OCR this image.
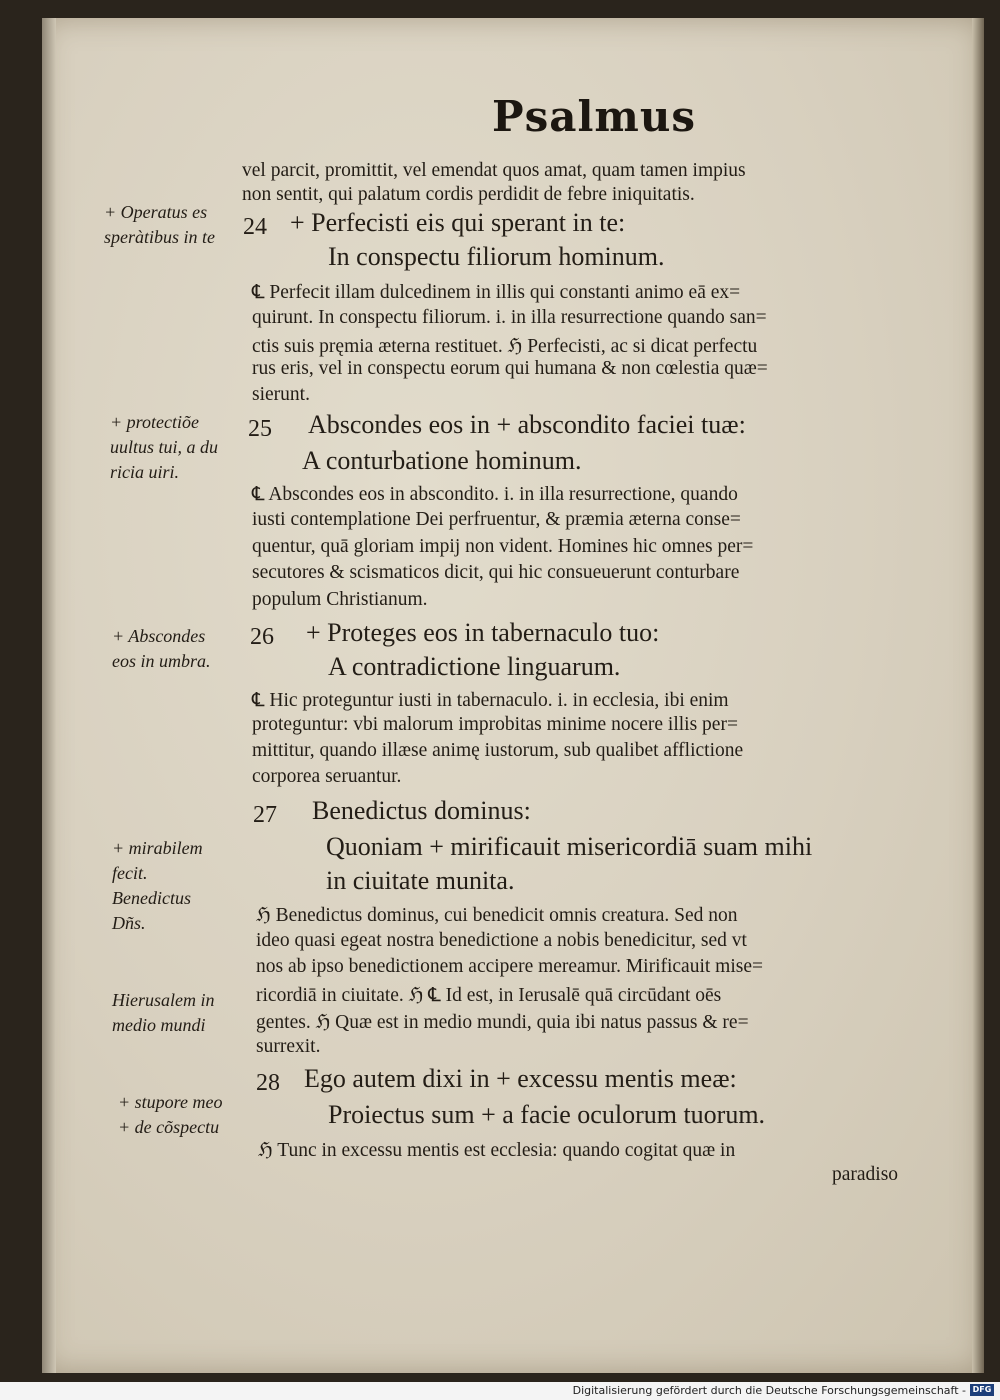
Psalmus
vel parcit, promittit, vel emendat quos amat, quam tamen impius
non sentit, qui palatum cordis perdidit de febre iniquitatis.
24 + Perfecisti eis qui sperant in te:
In conspectu filiorum hominum.
℄ Perfecit illam dulcedinem in illis qui constanti animo eā ex=
quirunt. In conspectu filiorum. i. in illa resurrectione quando san=
ctis suis pręmia æterna restituet. ℌ Perfecisti, ac si dicat perfectu
rus eris, vel in conspectu eorum qui humana & non cœlestia quæ=
sierunt.
25 Abscondes eos in + abscondito faciei tuæ:
A conturbatione hominum.
℄ Abscondes eos in abscondito. i. in illa resurrectione, quando
iusti contemplatione Dei perfruentur, & præmia æterna conse=
quentur, quā gloriam impij non vident. Homines hic omnes per=
secutores & scismaticos dicit, qui hic consueuerunt conturbare
populum Christianum.
26 + Proteges eos in tabernaculo tuo:
A contradictione linguarum.
℄ Hic proteguntur iusti in tabernaculo. i. in ecclesia, ibi enim
proteguntur: vbi malorum improbitas minime nocere illis per=
mittitur, quando illæse animę iustorum, sub qualibet afflictione
corporea seruantur.
27 Benedictus dominus:
Quoniam + mirificauit misericordiā suam mihi
in ciuitate munita.
ℌ Benedictus dominus, cui benedicit omnis creatura. Sed non
ideo quasi egeat nostra benedictione a nobis benedicitur, sed vt
nos ab ipso benedictionem accipere mereamur. Mirificauit mise=
ricordiā in ciuitate. ℌ ℄ Id est, in Ierusalē quā circūdant oēs
gentes. ℌ Quæ est in medio mundi, quia ibi natus passus & re=
surrexit.
28 Ego autem dixi in + excessu mentis meæ:
Proiectus sum + a facie oculorum tuorum.
ℌ Tunc in excessu mentis est ecclesia: quando cogitat quæ in
paradiso
+ Operatus es
speràtibus in te
+ protectiõe
uultus tui, a du
ricia uiri.
+ Abscondes
eos in umbra.
+ mirabilem
fecit.
Benedictus
Dñs.
Hierusalem in
medio mundi
+ stupore meo
+ de cõspectu
Digitalisierung gefördert durch die Deutsche Forschungsgemeinschaft - DFG
